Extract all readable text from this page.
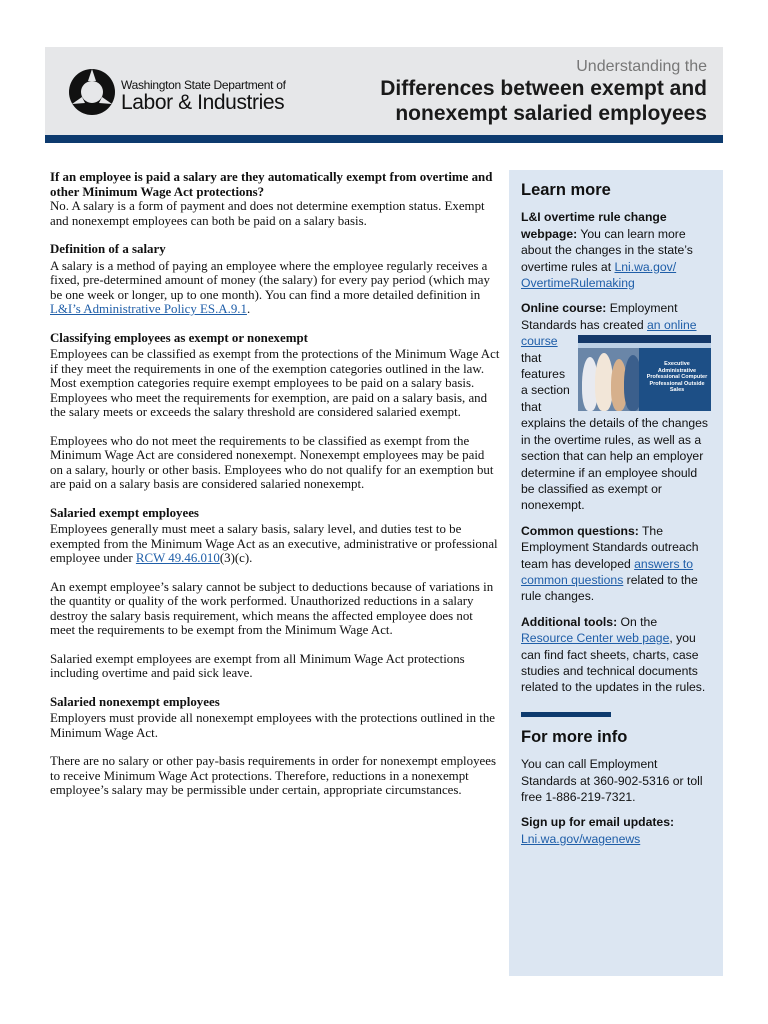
Washington State Department of
Labor & Industries
Understanding the
Differences between exempt and
nonexempt salaried employees
If an employee is paid a salary are they automatically exempt from overtime and other Minimum Wage Act protections?

No. A salary is a form of payment and does not determine exemption status. Exempt and nonexempt employees can both be paid on a salary basis.

Definition of a salary

A salary is a method of paying an employee where the employee regularly receives a fixed, pre-determined amount of money (the salary) for every pay period (which may be one week or longer, up to one month). You can find a more detailed definition in L&I’s Administrative Policy ES.A.9.1.

Classifying employees as exempt or nonexempt

Employees can be classified as exempt from the protections of the Minimum Wage Act if they meet the requirements in one of the exemption categories outlined in the law. Most exemption categories require exempt employees to be paid on a salary basis. Employees who meet the requirements for exemption, are paid on a salary basis, and the salary meets or exceeds the salary threshold are considered salaried exempt.

Employees who do not meet the requirements to be classified as exempt from the Minimum Wage Act are considered nonexempt. Nonexempt employees may be paid on a salary, hourly or other basis. Employees who do not qualify for an exemption but are paid on a salary basis are considered salaried nonexempt.

Salaried exempt employees

Employees generally must meet a salary basis, salary level, and duties test to be exempted from the Minimum Wage Act as an executive, administrative or professional employee under RCW 49.46.010(3)(c).

An exempt employee’s salary cannot be subject to deductions because of variations in the quantity or quality of the work performed. Unauthorized reductions in a salary destroy the salary basis requirement, which means the affected employee does not meet the requirements to be exempt from the Minimum Wage Act.

Salaried exempt employees are exempt from all Minimum Wage Act protections including overtime and paid sick leave.

Salaried nonexempt employees

Employers must provide all nonexempt employees with the protections outlined in the Minimum Wage Act.

There are no salary or other pay-basis requirements in order for nonexempt employees to receive Minimum Wage Act protections. Therefore, reductions in a nonexempt employee’s salary may be permissible under certain, appropriate circumstances.

Learn more

L&I overtime rule change webpage: You can learn more about the changes in the state’s overtime rules at Lni.wa.gov/ OvertimeRulemaking

Online course: Employment Standards has created an online course
Executive Administrative Professional Computer Professional Outside Sales
that features a section that explains the details of the changes in the overtime rules, as well as a section that can help an employer determine if an employee should be classified as exempt or nonexempt.

Common questions: The Employment Standards outreach team has developed answers to common questions related to the rule changes.

Additional tools: On the Resource Center web page, you can find fact sheets, charts, case studies and technical documents related to the updates in the rules.

For more info

You can call Employment Standards at 360-902-5316 or toll free 1-886-219-7321.

Sign up for email updates:
Lni.wa.gov/wagenews
